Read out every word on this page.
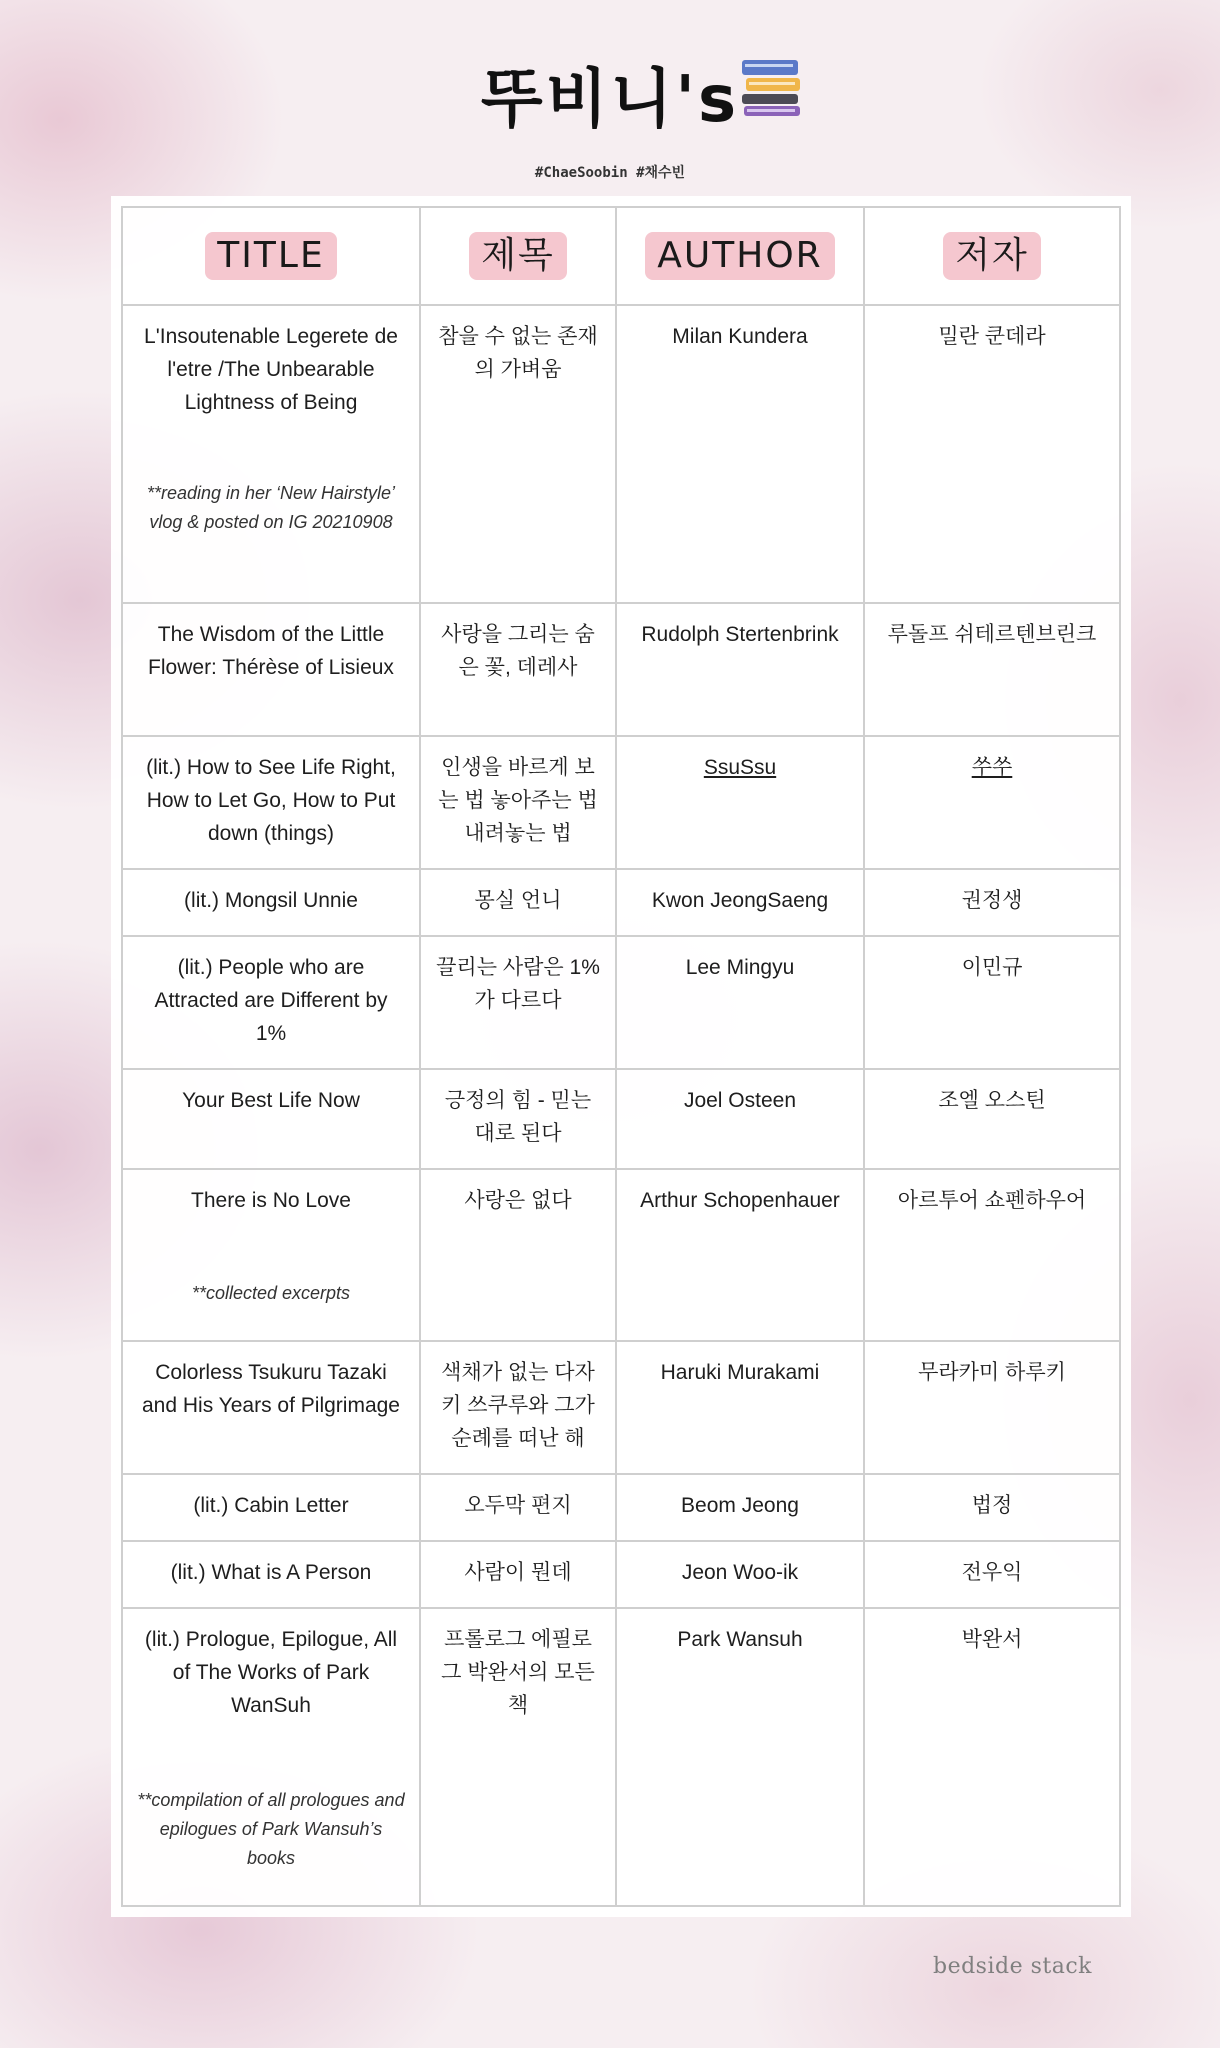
뚜비니's
#ChaeSoobin #채수빈
TITLE	제목	AUTHOR	저자

L'Insoutenable Legerete de l'etre /The Unbearable Lightness of Being
**reading in her ‘New Hairstyle’ vlog & posted on IG 20210908	참을 수 없는 존재의 가벼움	Milan Kundera	밀란 쿤데라

The Wisdom of the Little Flower: Thérèse of Lisieux	사랑을 그리는 숨은 꽃, 데레사	Rudolph Stertenbrink	루돌프 쉬테르텐브린크

(lit.) How to See Life Right, How to Let Go, How to Put down (things)	인생을 바르게 보는 법 놓아주는 법 내려놓는 법	SsuSsu	쑤쑤

(lit.) Mongsil Unnie	몽실 언니	Kwon JeongSaeng	권정생

(lit.) People who are Attracted are Different by 1%	끌리는 사람은 1%가 다르다	Lee Mingyu	이민규

Your Best Life Now	긍정의 힘 - 믿는 대로 된다	Joel Osteen	조엘 오스틴

There is No Love
**collected excerpts	사랑은 없다	Arthur Schopenhauer	아르투어 쇼펜하우어

Colorless Tsukuru Tazaki and His Years of Pilgrimage	색채가 없는 다자키 쓰쿠루와 그가 순례를 떠난 해	Haruki Murakami	무라카미 하루키

(lit.) Cabin Letter	오두막 편지	Beom Jeong	법정

(lit.) What is A Person	사람이 뭔데	Jeon Woo-ik	전우익

(lit.) Prologue, Epilogue, All of The Works of Park WanSuh
**compilation of all prologues and epilogues of Park Wansuh’s books	프롤로그 에필로그 박완서의 모든 책	Park Wansuh	박완서
bedside stack
